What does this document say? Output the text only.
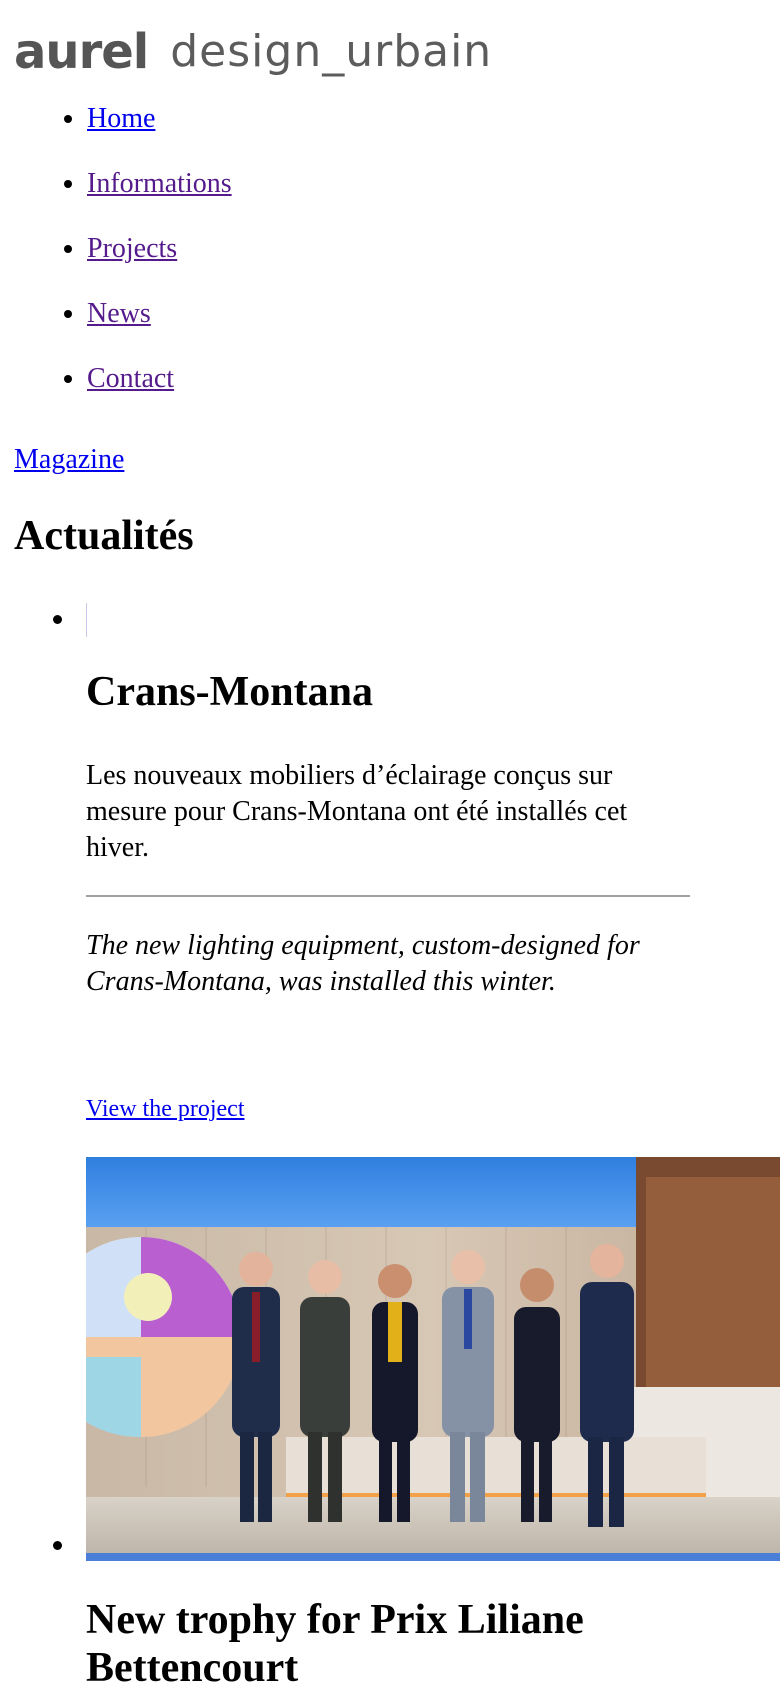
aurel design_urbain
• Home
• Informations
• Projects
• News
• Contact
Magazine
Actualités
Crans-Montana

Les nouveaux mobiliers d’éclairage conçus sur mesure pour Crans-Montana ont été installés cet hiver.

The new lighting equipment, custom-designed for Crans-Montana, was installed this winter.

View the project
New trophy for Prix Liliane Bettencourt
